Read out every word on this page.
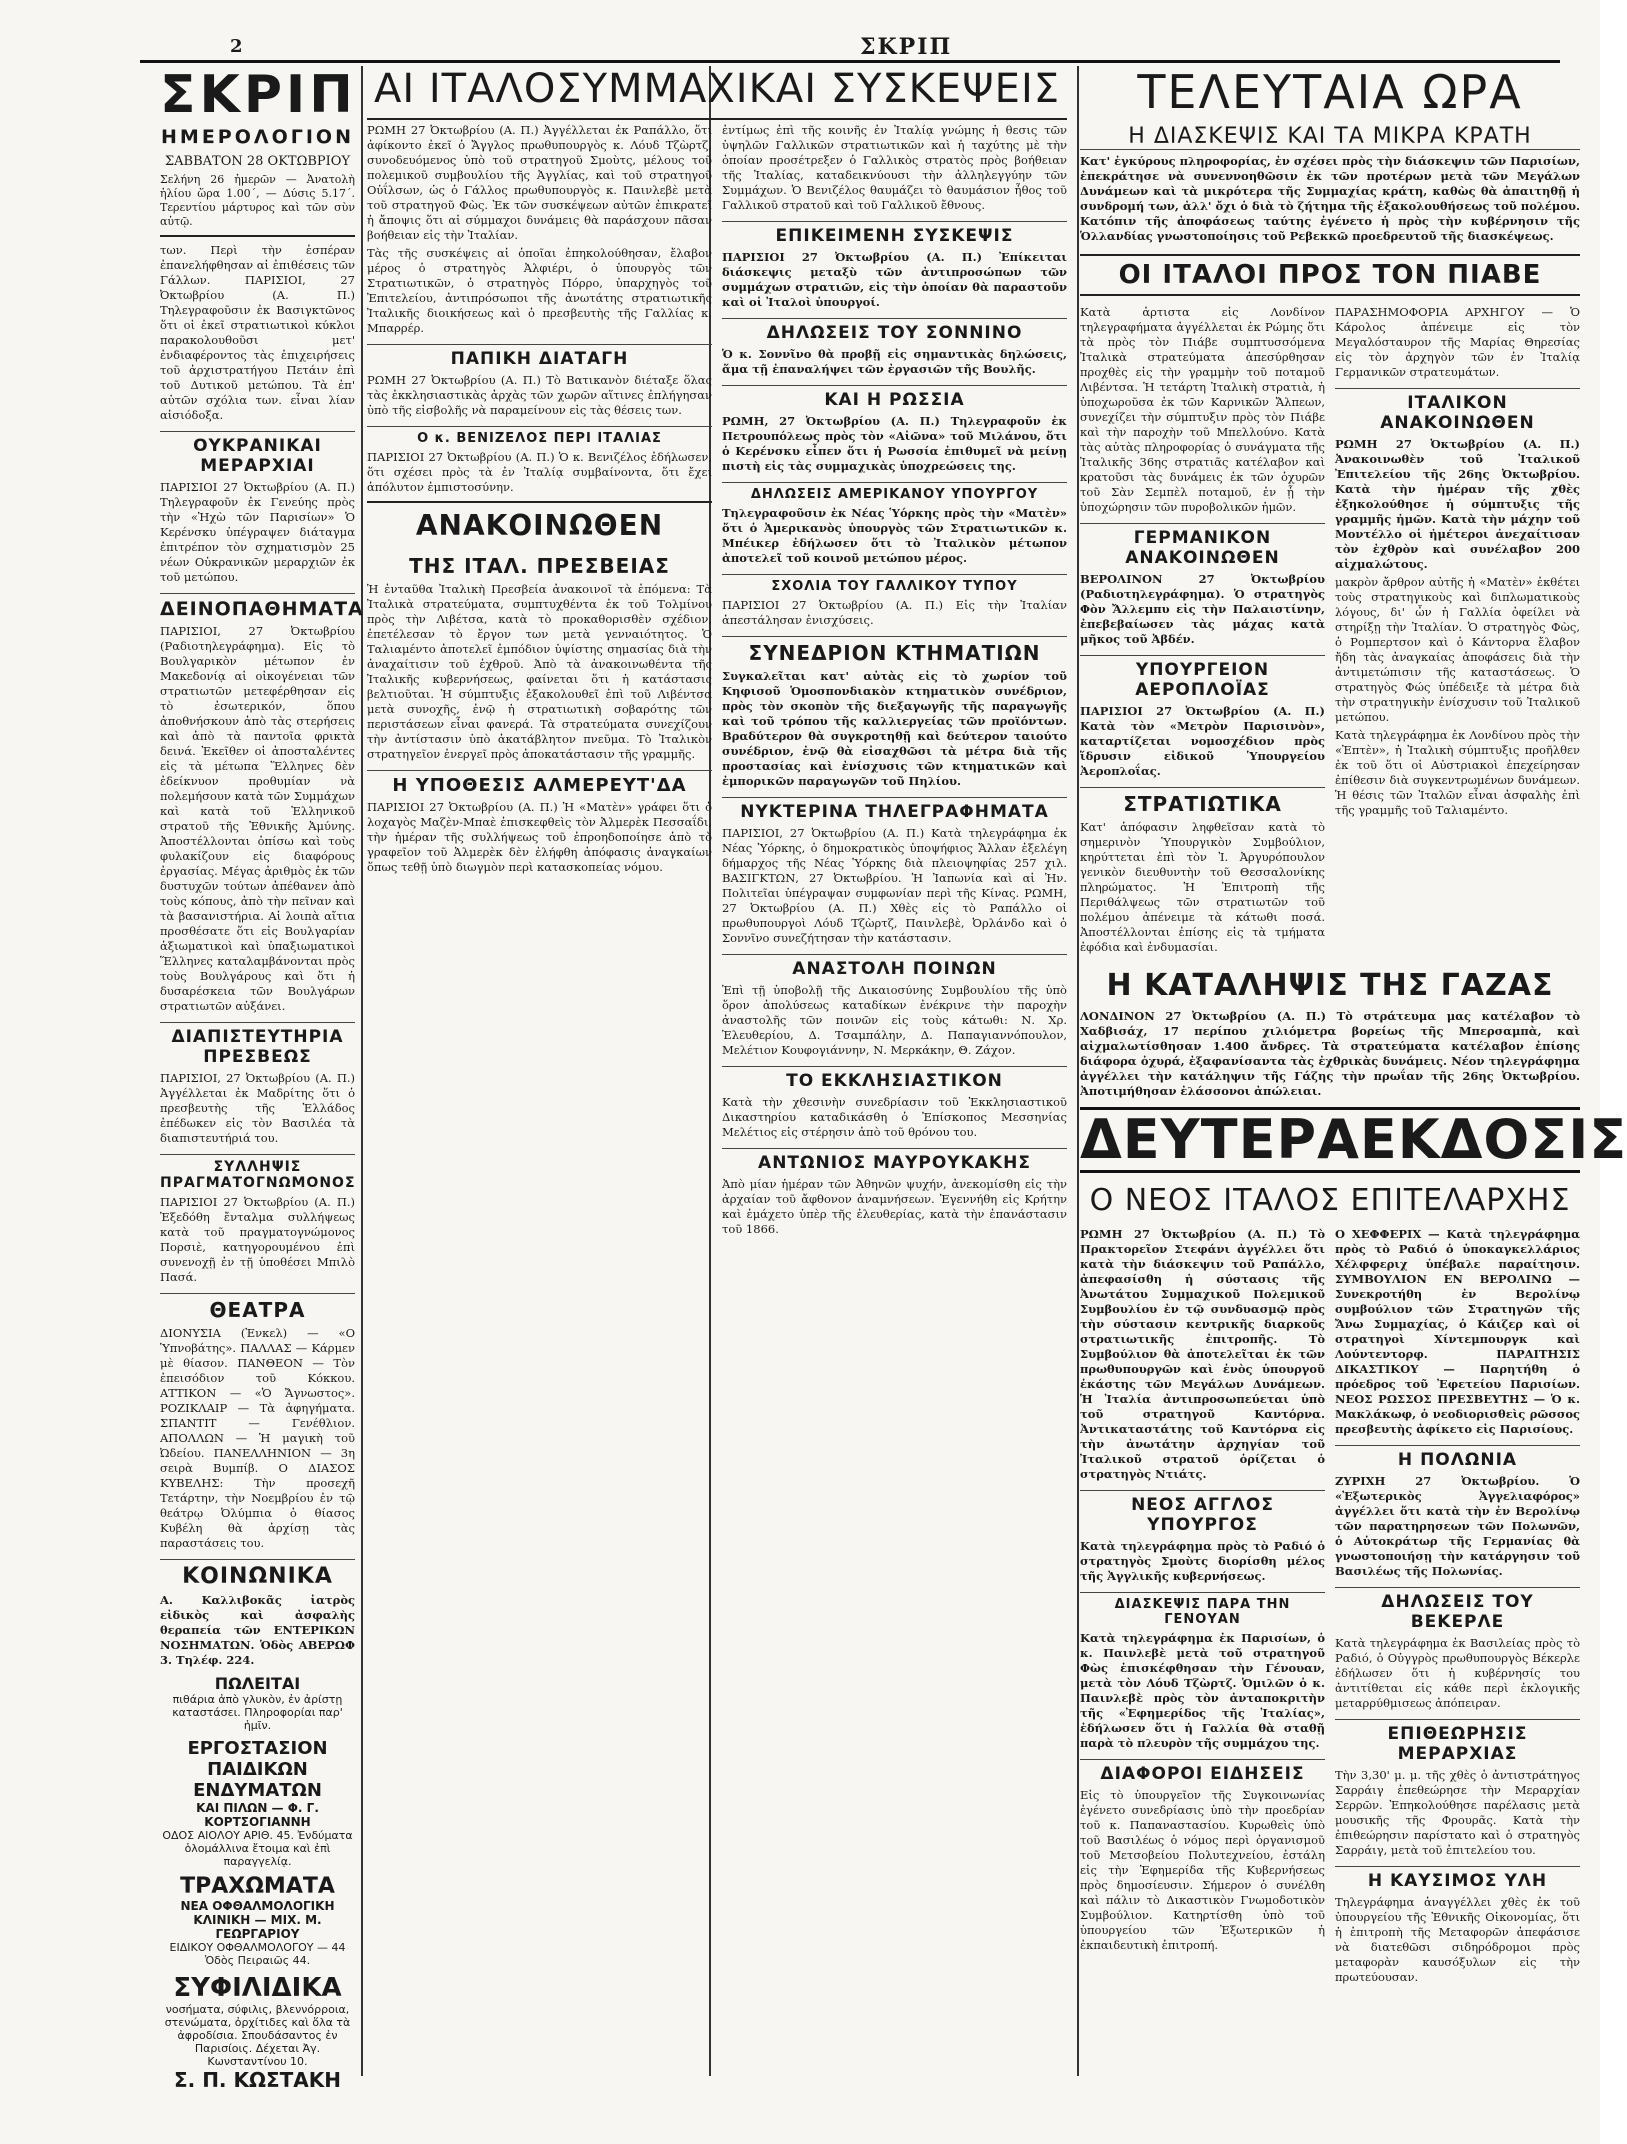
2	ΣΚΡΙΠ
ΣΚΡΙΠ
ΗΜΕΡΟΛΟΓΙΟΝ
ΣΑΒΒΑΤΟΝ 28 ΟΚΤΩΒΡΙΟΥ
Σελήνη 26 ἡμερῶν — Ἀνατολὴ ἡλίου ὥρα 1.00΄, — Δύσις 5.17΄. Τερεντίου μάρτυρος καὶ τῶν σὺν αὐτῷ.
των. Περὶ τὴν ἑσπέραν ἐπανελήφθησαν αἱ ἐπιθέσεις τῶν Γάλλων. ΠΑΡΙΣΙΟΙ, 27 Ὀκτωβρίου (Α. Π.) Τηλεγραφοῦσιν ἐκ Βασιγκτῶνος ὅτι οἱ ἐκεῖ στρατιωτικοὶ κύκλοι παρακολουθοῦσι μετ' ἐνδιαφέροντος τὰς ἐπιχειρήσεις τοῦ ἀρχιστρατήγου Πετάιν ἐπὶ τοῦ Δυτικοῦ μετώπου. Τὰ ἐπ' αὐτῶν σχόλια των. εἶναι λίαν αἰσιόδοξα.
ΟΥΚΡΑΝΙΚΑΙ ΜΕΡΑΡΧΙΑΙ
ΠΑΡΙΣΙΟΙ 27 Ὀκτωβρίου (Α. Π.) Τηλεγραφοῦν ἐκ Γενεύης πρὸς τὴν «Ἠχὼ τῶν Παρισίων» Ὁ Κερένσκυ ὑπέγραψεν διάταγμα ἐπιτρέπον τὸν σχηματισμὸν 25 νέων Οὐκρανικῶν μεραρχιῶν ἐκ τοῦ μετώπου.
ΔΕΙΝΟΠΑΘΗΜΑΤΑ
ΠΑΡΙΣΙΟΙ, 27 Ὀκτωβρίου (Ραδιοτηλεγράφημα). Εἰς τὸ Βουλγαρικὸν μέτωπον ἐν Μακεδονίᾳ αἱ οἰκογένειαι τῶν στρατιωτῶν μετεφέρθησαν εἰς τὸ ἐσωτερικόν, ὅπου ἀποθνήσκουν ἀπὸ τὰς στερήσεις καὶ ἀπὸ τὰ παντοῖα φρικτὰ δεινά. Ἐκεῖθεν οἱ ἀποσταλέντες εἰς τὰ μέτωπα Ἕλληνες δὲν ἐδείκνυον προθυμίαν νὰ πολεμήσουν κατὰ τῶν Συμμάχων καὶ κατὰ τοῦ Ἑλληνικοῦ στρατοῦ τῆς Ἐθνικῆς Ἀμύνης. Ἀποστέλλονται ὀπίσω καὶ τοὺς φυλακίζουν εἰς διαφόρους ἐργασίας. Μέγας ἀριθμὸς ἐκ τῶν δυστυχῶν τούτων ἀπέθανεν ἀπὸ τοὺς κόπους, ἀπὸ τὴν πεῖναν καὶ τὰ βασανιστήρια. Αἱ λοιπὰ αἴτια προσθέσατε ὅτι εἰς Βουλγαρίαν ἀξιωματικοὶ καὶ ὑπαξιωματικοὶ Ἕλληνες καταλαμβάνονται πρὸς τοὺς Βουλγάρους καὶ ὅτι ἡ δυσαρέσκεια τῶν Βουλγάρων στρατιωτῶν αὐξάνει.
ΔΙΑΠΙΣΤΕΥΤΗΡΙΑ ΠΡΕΣΒΕΩΣ
ΠΑΡΙΣΙΟΙ, 27 Ὀκτωβρίου (Α. Π.) Ἀγγέλλεται ἐκ Μαδρίτης ὅτι ὁ πρεσβευτὴς τῆς Ἑλλάδος ἐπέδωκεν εἰς τὸν Βασιλέα τὰ διαπιστευτήριά του.
ΣΥΛΛΗΨΙΣ ΠΡΑΓΜΑΤΟΓΝΩΜΟΝΟΣ
ΠΑΡΙΣΙΟΙ 27 Ὀκτωβρίου (Α. Π.) Ἐξεδόθη ἔνταλμα συλλήψεως κατὰ τοῦ πραγματογνώμονος Πορσιὲ, κατηγορουμένου ἐπὶ συνενοχῇ ἐν τῇ ὑποθέσει Μπιλὸ Πασά.
ΘΕΑΤΡΑ
ΔΙΟΝΥΣΙΑ (Ἐνκελ) — «Ο Ὑπνοβάτης». ΠΑΛΛΑΣ — Κάρμεν μὲ θίασον. ΠΑΝΘΕΟΝ — Τὸν ἐπεισόδιον τοῦ Κόκκου. ΑΤΤΙΚΟΝ — «Ὁ Ἄγνωστος». ΡΟΖΙΚΛΑΙΡ — Τὰ ἀφηγήματα. ΣΠΑΝΤΙΤ — Γενέθλιον. ΑΠΟΛΛΩΝ — Ἡ μαγικὴ τοῦ Ὠδείου. ΠΑΝΕΛΛΗΝΙΟΝ — 3η σειρὰ Βυμπίβ. Ο ΔΙΑΣΟΣ ΚΥΒΕΛΗΣ: Τὴν προσεχῆ Τετάρτην, τὴν Νοεμβρίου ἐν τῷ θεάτρῳ Ὀλύμπια ὁ θίασος Κυβέλη θὰ ἀρχίσῃ τὰς παραστάσεις του.
ΚΟΙΝΩΝΙΚΑ
Α. Καλλιβοκᾶς ἰατρὸς εἰδικὸς καὶ ἀσφαλὴς θεραπεία τῶν ΕΝΤΕΡΙΚΩΝ ΝΟΣΗΜΑΤΩΝ. Ὁδὸς ΑΒΕΡΩΦ 3. Τηλέφ. 224.
ΠΩΛΕΙΤΑΙ
πιθάρια ἀπὸ γλυκὸν, ἐν ἀρίστῃ καταστάσει. Πληροφορίαι παρ' ἡμῖν.
ΕΡΓΟΣΤΑΣΙΟΝ ΠΑΙΔΙΚΩΝ ΕΝΔΥΜΑΤΩΝ
ΚΑΙ ΠΙΛΩΝ — Φ. Γ. ΚΟΡΤΣΟΓΙΑΝΝΗ
ΟΔΟΣ ΑΙΟΛΟΥ ΑΡΙΘ. 45. Ἐνδύματα ὁλομάλλινα ἔτοιμα καὶ ἐπὶ παραγγελίᾳ.
ΤΡΑΧΩΜΑΤΑ
ΝΕΑ ΟΦΘΑΛΜΟΛΟΓΙΚΗ ΚΛΙΝΙΚΗ — ΜΙΧ. Μ. ΓΕΩΡΓΑΡΙΟΥ
ΕΙΔΙΚΟΥ ΟΦΘΑΛΜΟΛΟΓΟΥ — 44 Ὁδὸς Πειραιῶς 44.
ΣΥΦΙΛΙΔΙΚΑ
νοσήματα, σύφιλις, βλεννόρροια, στενώματα, ὀρχίτιδες καὶ ὅλα τὰ ἀφροδίσια. Σπουδάσαντος ἐν Παρισίοις. Δέχεται Ἀγ. Κωνσταντίνου 10.
Σ. Π. ΚΩΣΤΑΚΗ
ΑΙ ΙΤΑΛΟΣΥΜΜΑΧΙΚΑΙ ΣΥΣΚΕΨΕΙΣ
ΡΩΜΗ 27 Ὀκτωβρίου (Α. Π.) Ἀγγέλλεται ἐκ Ραπάλλο, ὅτι ἀφίκοντο ἐκεῖ ὁ Ἄγγλος πρωθυπουργὸς κ. Λόυδ Τζὼρτζ, συνοδευόμενος ὑπὸ τοῦ στρατηγοῦ Σμοὺτς, μέλους τοῦ πολεμικοῦ συμβουλίου τῆς Ἀγγλίας, καὶ τοῦ στρατηγοῦ Οὐΐλσων, ὡς ὁ Γάλλος πρωθυπουργὸς κ. Παινλεβὲ μετὰ τοῦ στρατηγοῦ Φὼς. Ἐκ τῶν συσκέψεων αὐτῶν ἐπικρατεῖ ἡ ἄποψις ὅτι αἱ σύμμαχοι δυνάμεις θὰ παράσχουν πᾶσαν βοήθειαν εἰς τὴν Ἰταλίαν.
Τὰς τῆς συσκέψεις αἱ ὁποῖαι ἐπηκολούθησαν, ἔλαβον μέρος ὁ στρατηγὸς Ἀλφιέρι, ὁ ὑπουργὸς τῶν Στρατιωτικῶν, ὁ στρατηγὸς Πόρρο, ὑπαρχηγὸς τοῦ Ἐπιτελείου, ἀντιπρόσωποι τῆς ἀνωτάτης στρατιωτικῆς Ἰταλικῆς διοικήσεως καὶ ὁ πρεσβευτὴς τῆς Γαλλίας κ. Μπαρρέρ.
ΠΑΠΙΚΗ ΔΙΑΤΑΓΗ
ΡΩΜΗ 27 Ὀκτωβρίου (Α. Π.) Τὸ Βατικανὸν διέταξε ὅλας τὰς ἐκκλησιαστικὰς ἀρχὰς τῶν χωρῶν αἵτινες ἐπλήγησαν ὑπὸ τῆς εἰσβολῆς νὰ παραμείνουν εἰς τὰς θέσεις των.
Ο κ. ΒΕΝΙΖΕΛΟΣ ΠΕΡΙ ΙΤΑΛΙΑΣ
ΠΑΡΙΣΙΟΙ 27 Ὀκτωβρίου (Α. Π.) Ὁ κ. Βενιζέλος ἐδήλωσεν, ὅτι σχέσει πρὸς τὰ ἐν Ἰταλίᾳ συμβαίνοντα, ὅτι ἔχει ἀπόλυτον ἐμπιστοσύνην.
ΑΝΑΚΟΙΝΩΘΕΝ
ΤΗΣ ΙΤΑΛ. ΠΡΕΣΒΕΙΑΣ
Ἡ ἐνταῦθα Ἰταλικὴ Πρεσβεία ἀνακοινοῖ τὰ ἑπόμενα: Τὰ Ἰταλικὰ στρατεύματα, συμπτυχθέντα ἐκ τοῦ Τολμίνου πρὸς τὴν Λιβέτσα, κατὰ τὸ προκαθορισθὲν σχέδιον, ἐπετέλεσαν τὸ ἔργον των μετὰ γενναιότητος. Ὁ Ταλιαμέντο ἀποτελεῖ ἐμπόδιον ὑψίστης σημασίας διὰ τὴν ἀναχαίτισιν τοῦ ἐχθροῦ. Ἀπὸ τὰ ἀνακοινωθέντα τῆς Ἰταλικῆς κυβερνήσεως, φαίνεται ὅτι ἡ κατάστασις βελτιοῦται. Ἡ σύμπτυξις ἐξακολουθεῖ ἐπὶ τοῦ Λιβέντσα μετὰ συνοχῆς, ἐνῷ ἡ στρατιωτικὴ σοβαρότης τῶν περιστάσεων εἶναι φανερά. Τὰ στρατεύματα συνεχίζουν τὴν ἀντίστασιν ὑπὸ ἀκατάβλητον πνεῦμα. Τὸ Ἰταλικὸν στρατηγεῖον ἐνεργεῖ πρὸς ἀποκατάστασιν τῆς γραμμῆς.
Η ΥΠΟΘΕΣΙΣ ΑΛΜΕΡΕΥΤ'ΔΑ
ΠΑΡΙΣΙΟΙ 27 Ὀκτωβρίου (Α. Π.) Ἡ «Ματὲν» γράφει ὅτι ὁ λοχαγὸς Μαζὲν-Μπαὲ ἐπισκεφθεὶς τὸν Ἀλμερὲκ Πεσσαΐδι, τὴν ἡμέραν τῆς συλλήψεως τοῦ ἐπροηδοποίησε ἀπὸ τὸ γραφεῖον τοῦ Ἀλμερὲκ δὲν ἐλήφθη ἀπόφασις ἀναγκαίων ὅπως τεθῇ ὑπὸ διωγμὸν περὶ κατασκοπείας νόμου.
ἐντίμως ἐπὶ τῆς κοινῆς ἐν Ἰταλίᾳ γνώμης ἡ θεσις τῶν ὑψηλῶν Γαλλικῶν στρατιωτικῶν καὶ ἡ ταχύτης μὲ τὴν ὁποίαν προσέτρεξεν ὁ Γαλλικὸς στρατὸς πρὸς βοήθειαν τῆς Ἰταλίας, καταδεικνύουσι τὴν ἀλληλεγγύην τῶν Συμμάχων. Ὁ Βενιζέλος θαυμάζει τὸ θαυμάσιον ἦθος τοῦ Γαλλικοῦ στρατοῦ καὶ τοῦ Γαλλικοῦ ἔθνους.
ΕΠΙΚΕΙΜΕΝΗ ΣΥΣΚΕΨΙΣ
ΠΑΡΙΣΙΟΙ 27 Ὀκτωβρίου (Α. Π.) Ἐπίκειται διάσκεψις μεταξὺ τῶν ἀντιπροσώπων τῶν συμμάχων στρατιῶν, εἰς τὴν ὁποίαν θὰ παραστοῦν καὶ οἱ Ἰταλοὶ ὑπουργοί.
ΔΗΛΩΣΕΙΣ ΤΟΥ ΣΟΝΝΙΝΟ
Ὁ κ. Σοννῖνο θὰ προβῇ εἰς σημαντικὰς δηλώσεις, ἅμα τῇ ἐπαναλήψει τῶν ἐργασιῶν τῆς Βουλῆς.
ΚΑΙ Η ΡΩΣΣΙΑ
ΡΩΜΗ, 27 Ὀκτωβρίου (Α. Π.) Τηλεγραφοῦν ἐκ Πετρουπόλεως πρὸς τὸν «Αἰῶνα» τοῦ Μιλάνου, ὅτι ὁ Κερένσκυ εἶπεν ὅτι ἡ Ρωσσία ἐπιθυμεῖ νὰ μείνῃ πιστὴ εἰς τὰς συμμαχικὰς ὑποχρεώσεις της.
ΔΗΛΩΣΕΙΣ ΑΜΕΡΙΚΑΝΟΥ ΥΠΟΥΡΓΟΥ
Τηλεγραφοῦσιν ἐκ Νέας Ὑόρκης πρὸς τὴν «Ματὲν» ὅτι ὁ Ἀμερικανὸς ὑπουργὸς τῶν Στρατιωτικῶν κ. Μπέικερ ἐδήλωσεν ὅτι τὸ Ἰταλικὸν μέτωπον ἀποτελεῖ τοῦ κοινοῦ μετώπου μέρος.
ΣΧΟΛΙΑ ΤΟΥ ΓΑΛΛΙΚΟΥ ΤΥΠΟΥ
ΠΑΡΙΣΙΟΙ 27 Ὀκτωβρίου (Α. Π.) Εἰς τὴν Ἰταλίαν ἀπεστάλησαν ἐνισχύσεις.
ΣΥΝΕΔΡΙΟΝ ΚΤΗΜΑΤΙΩΝ
Συγκαλεῖται κατ' αὐτὰς εἰς τὸ χωρίον τοῦ Κηφισοῦ Ὁμοσπονδιακὸν κτηματικὸν συνέδριον, πρὸς τὸν σκοπὸν τῆς διεξαγωγῆς τῆς παραγωγῆς καὶ τοῦ τρόπου τῆς καλλιεργείας τῶν προϊόντων. Βραδύτερον θὰ συγκροτηθῇ καὶ δεύτερον ταιούτο συνέδριον, ἐνῷ θὰ εἰσαχθῶσι τὰ μέτρα διὰ τῆς προστασίας καὶ ἐνίσχυσις τῶν κτηματικῶν καὶ ἐμπορικῶν παραγωγῶν τοῦ Πηλίου.
ΝΥΚΤΕΡΙΝΑ ΤΗΛΕΓΡΑΦΗΜΑΤΑ
ΠΑΡΙΣΙΟΙ, 27 Ὀκτωβρίου (Α. Π.) Κατὰ τηλεγράφημα ἐκ Νέας Ὑόρκης, ὁ δημοκρατικὸς ὑποψήφιος Ἄλλαν ἐξελέγη δήμαρχος τῆς Νέας Ὑόρκης διὰ πλειοψηφίας 257 χιλ. ΒΑΣΙΓΚΤΩΝ, 27 Ὀκτωβρίου. Ἡ Ἰαπωνία καὶ αἱ Ἡν. Πολιτεῖαι ὑπέγραψαν συμφωνίαν περὶ τῆς Κίνας. ΡΩΜΗ, 27 Ὀκτωβρίου (Α. Π.) Χθὲς εἰς τὸ Ραπάλλο οἱ πρωθυπουργοὶ Λόυδ Τζὼρτζ, Παινλεβὲ, Ὀρλάνδο καὶ ὁ Σοννῖνο συνεζήτησαν τὴν κατάστασιν.
ΑΝΑΣΤΟΛΗ ΠΟΙΝΩΝ
Ἐπὶ τῇ ὑποβολῇ τῆς Δικαιοσύνης Συμβουλίου τῆς ὑπὸ ὅρον ἀπολύσεως καταδίκων ἐνέκρινε τὴν παροχὴν ἀναστολῆς τῶν ποινῶν εἰς τοὺς κάτωθι: Ν. Χρ. Ἐλευθερίου, Δ. Τσαμπάλην, Δ. Παπαγιαννόπουλον, Μελέτιον Κουφογιάννην, Ν. Μερκάκην, Θ. Ζάχον.
ΤΟ ΕΚΚΛΗΣΙΑΣΤΙΚΟΝ
Κατὰ τὴν χθεσινὴν συνεδρίασιν τοῦ Ἐκκλησιαστικοῦ Δικαστηρίου καταδικάσθη ὁ Ἐπίσκοπος Μεσσηνίας Μελέτιος εἰς στέρησιν ἀπὸ τοῦ θρόνου του.
ΑΝΤΩΝΙΟΣ ΜΑΥΡΟΥΚΑΚΗΣ
Ἀπὸ μίαν ἡμέραν τῶν Ἀθηνῶν ψυχήν, ἀνεκομίσθη εἰς τὴν ἀρχαίαν τοῦ ἄφθονον ἀναμνήσεων. Ἐγεννήθη εἰς Κρήτην καὶ ἐμάχετο ὑπὲρ τῆς ἐλευθερίας, κατὰ τὴν ἐπανάστασιν τοῦ 1866.
ΤΕΛΕΥΤΑΙΑ ΩΡΑ
Η ΔΙΑΣΚΕΨΙΣ ΚΑΙ ΤΑ ΜΙΚΡΑ ΚΡΑΤΗ
Κατ' ἐγκύρους πληροφορίας, ἐν σχέσει πρὸς τὴν διάσκεψιν τῶν Παρισίων, ἐπεκράτησε νὰ συνεννοηθῶσιν ἐκ τῶν προτέρων μετὰ τῶν Μεγάλων Δυνάμεων καὶ τὰ μικρότερα τῆς Συμμαχίας κράτη, καθὼς θὰ ἀπαιτηθῇ ἡ συνδρομή των, ἀλλ' ὄχι ὁ διὰ τὸ ζήτημα τῆς ἐξακολουθήσεως τοῦ πολέμου. Κατόπιν τῆς ἀποφάσεως ταύτης ἐγένετο ἡ πρὸς τὴν κυβέρνησιν τῆς Ὁλλανδίας γνωστοποίησις τοῦ Ρεβεκκῶ προεδρευτοῦ τῆς διασκέψεως.
ΟΙ ΙΤΑΛΟΙ ΠΡΟΣ ΤΟΝ ΠΙΑΒΕ
Κατὰ ἀρτιστα εἰς Λονδίνον τηλεγραφήματα ἀγγέλλεται ἐκ Ρώμης ὅτι τὰ πρὸς τὸν Πιάβε συμπτυσσόμενα Ἰταλικὰ στρατεύματα ἀπεσύρθησαν προχθὲς εἰς τὴν γραμμὴν τοῦ ποταμοῦ Λιβέντσα. Ἡ τετάρτη Ἰταλικὴ στρατιὰ, ἡ ὑποχωροῦσα ἐκ τῶν Καρνικῶν Ἄλπεων, συνεχίζει τὴν σύμπτυξιν πρὸς τὸν Πιάβε καὶ τὴν παροχὴν τοῦ Μπελλούνο. Κατὰ τὰς αὐτὰς πληροφορίας ὁ συνάγματα τῆς Ἰταλικῆς 36ης στρατιᾶς κατέλαβον καὶ κρατοῦσι τὰς δυνάμεις ἐκ τῶν ὀχυρῶν τοῦ Σὰν Σεμπὲλ ποταμοῦ, ἐν ᾗ τὴν ὑποχώρησιν τῶν πυροβολικῶν ἠμῶν.
ΓΕΡΜΑΝΙΚΟΝ ΑΝΑΚΟΙΝΩΘΕΝ
ΒΕΡΟΛΙΝΟΝ 27 Ὀκτωβρίου (Ραδιοτηλεγράφημα). Ὁ στρατηγὸς Φὸν Ἄλλεμπυ εἰς τὴν Παλαιστίνην, ἐπεβεβαίωσεν τὰς μάχας κατὰ μῆκος τοῦ Ἀβδέν.
ΥΠΟΥΡΓΕΙΟΝ ΑΕΡΟΠΛΟΪΑΣ
ΠΑΡΙΣΙΟΙ 27 Ὀκτωβρίου (Α. Π.) Κατὰ τὸν «Μετρὸν Παρισινὸν», καταρτίζεται νομοσχέδιον πρὸς ἵδρυσιν εἰδικοῦ Ὑπουργείου Ἀεροπλοΐας.
ΣΤΡΑΤΙΩΤΙΚΑ
Κατ' ἀπόφασιν ληφθεῖσαν κατὰ τὸ σημερινὸν Ὑπουργικὸν Συμβούλιον, κηρύττεται ἐπὶ τὸν Ἰ. Ἀργυρόπουλον γενικὸν διευθυντὴν τοῦ Θεσσαλονίκης πληρώματος. Ἡ Ἐπιτροπὴ τῆς Περιθάλψεως τῶν στρατιωτῶν τοῦ πολέμου ἀπένειμε τὰ κάτωθι ποσά. Ἀποστέλλονται ἐπίσης εἰς τὰ τμήματα ἐφόδια καὶ ἐνδυμασίαι.
ΠΑΡΑΣΗΜΟΦΟΡΙΑ ΑΡΧΗΓΟΥ — Ὁ Κάρολος ἀπένειμε εἰς τὸν Μεγαλόσταυρον τῆς Μαρίας Θηρεσίας εἰς τὸν ἀρχηγὸν τῶν ἐν Ἰταλίᾳ Γερμανικῶν στρατευμάτων.
ΙΤΑΛΙΚΟΝ ΑΝΑΚΟΙΝΩΘΕΝ
ΡΩΜΗ 27 Ὀκτωβρίου (Α. Π.) Ἀνακοινωθὲν τοῦ Ἰταλικοῦ Ἐπιτελείου τῆς 26ης Ὀκτωβρίου. Κατὰ τὴν ἡμέραν τῆς χθὲς ἐξηκολούθησε ἡ σύμπτυξις τῆς γραμμῆς ἡμῶν. Κατὰ τὴν μάχην τοῦ Μοντέλλο οἱ ἠμέτεροι ἀνεχαίτισαν τὸν ἐχθρὸν καὶ συνέλαβον 200 αἰχμαλώτους.
μακρὸν ἄρθρον αὐτῆς ἡ «Ματὲν» ἐκθέτει τοὺς στρατηγικοὺς καὶ διπλωματικοὺς λόγους, δι' ὧν ἡ Γαλλία ὀφείλει νὰ στηρίξῃ τὴν Ἰταλίαν. Ὁ στρατηγὸς Φὼς, ὁ Ρομπερτσον καὶ ὁ Κάντορνα ἔλαβον ἤδη τὰς ἀναγκαίας ἀποφάσεις διὰ τὴν ἀντιμετώπισιν τῆς καταστάσεως. Ὁ στρατηγὸς Φώς ὑπέδειξε τὰ μέτρα διὰ τὴν στρατηγικὴν ἐνίσχυσιν τοῦ Ἰταλικοῦ μετώπου.
Κατὰ τηλεγράφημα ἐκ Λονδίνου πρὸς τὴν «Ἐπτὲν», ἡ Ἰταλικὴ σύμπτυξις προῆλθεν ἐκ τοῦ ὅτι οἱ Αὐστριακοὶ ἐπεχείρησαν ἐπίθεσιν διὰ συγκεντρωμένων δυνάμεων. Ἡ θέσις τῶν Ἰταλῶν εἶναι ἀσφαλὴς ἐπὶ τῆς γραμμῆς τοῦ Ταλιαμέντο.
Η ΚΑΤΑΛΗΨΙΣ ΤΗΣ ΓΑΖΑΣ
ΛΟΝΔΙΝΟΝ 27 Ὀκτωβρίου (Α. Π.) Τὸ στράτευμα μας κατέλαβον τὸ Χαδβισάχ, 17 περίπου χιλιόμετρα βορείως τῆς Μπερσαμπὰ, καὶ αἰχμαλωτίσθησαν 1.400 ἄνδρες. Τὰ στρατεύματα κατέλαβον ἐπίσης διάφορα ὀχυρά, ἐξαφανίσαντα τὰς ἐχθρικὰς δυνάμεις. Νέον τηλεγράφημα ἀγγέλλει τὴν κατάληψιν τῆς Γάζης τὴν πρωΐαν τῆς 26ης Ὀκτωβρίου. Ἀποτιμήθησαν ἐλάσσονοι ἀπώλειαι.
ΔΕΥΤΕΡΑΕΚΔΟΣΙΣ
Ο ΝΕΟΣ ΙΤΑΛΟΣ ΕΠΙΤΕΛΑΡΧΗΣ
ΡΩΜΗ 27 Ὀκτωβρίου (Α. Π.) Τὸ Πρακτορεῖον Στεφάνι ἀγγέλλει ὅτι κατὰ τὴν διάσκεψιν τοῦ Ραπάλλο, ἀπεφασίσθη ἡ σύστασις τῆς Ἀνωτάτου Συμμαχικοῦ Πολεμικοῦ Συμβουλίου ἐν τῷ συνδυασμῷ πρὸς τὴν σύστασιν κεντρικῆς διαρκοῦς στρατιωτικῆς ἐπιτροπῆς. Τὸ Συμβούλιον θὰ ἀποτελεῖται ἐκ τῶν πρωθυπουργῶν καὶ ἑνὸς ὑπουργοῦ ἑκάστης τῶν Μεγάλων Δυνάμεων. Ἡ Ἰταλία ἀντιπροσωπεύεται ὑπὸ τοῦ στρατηγοῦ Καντόρνα. Ἀντικαταστάτης τοῦ Καντόρνα εἰς τὴν ἀνωτάτην ἀρχηγίαν τοῦ Ἰταλικοῦ στρατοῦ ὁρίζεται ὁ στρατηγὸς Ντιάτς.
ΝΕΟΣ ΑΓΓΛΟΣ ΥΠΟΥΡΓΟΣ
Κατὰ τηλεγράφημα πρὸς τὸ Ραδιό ὁ στρατηγὸς Σμοὺτς διορίσθη μέλος τῆς Ἀγγλικῆς κυβερνήσεως.
ΔΙΑΣΚΕΨΙΣ ΠΑΡΑ ΤΗΝ ΓΕΝΟΥΑΝ
Κατὰ τηλεγράφημα ἐκ Παρισίων, ὁ κ. Παινλεβὲ μετὰ τοῦ στρατηγοῦ Φὼς ἐπισκέφθησαν τὴν Γένουαν, μετὰ τὸν Λόυδ Τζὼρτζ. Ὁμιλῶν ὁ κ. Παινλεβὲ πρὸς τὸν ἀνταποκριτὴν τῆς «Ἐφημερίδος τῆς Ἰταλίας», ἐδήλωσεν ὅτι ἡ Γαλλία θὰ σταθῇ παρὰ τὸ πλευρὸν τῆς συμμάχου της.
ΔΙΑΦΟΡΟΙ ΕΙΔΗΣΕΙΣ
Εἰς τὸ ὑπουργεῖον τῆς Συγκοινωνίας ἐγένετο συνεδρίασις ὑπὸ τὴν προεδρίαν τοῦ κ. Παπαναστασίου. Κυρωθεὶς ὑπὸ τοῦ Βασιλέως ὁ νόμος περὶ ὀργανισμοῦ τοῦ Μετσοβείου Πολυτεχνείου, ἐστάλη εἰς τὴν Ἐφημερίδα τῆς Κυβερνήσεως πρὸς δημοσίευσιν. Σήμερον ὁ συνέλθη καὶ πάλιν τὸ Δικαστικὸν Γνωμοδοτικὸν Συμβούλιον. Κατηρτίσθη ὑπὸ τοῦ ὑπουργείου τῶν Ἐξωτερικῶν ἡ ἐκπαιδευτικὴ ἐπιτροπή.
Ο ΧΕΦΦΕΡΙΧ — Κατὰ τηλεγράφημα πρὸς τὸ Ραδιό ὁ ὑποκαγκελλάριος Χέλφφεριχ ὑπέβαλε παραίτησιν. ΣΥΜΒΟΥΛΙΟΝ ΕΝ ΒΕΡΟΛΙΝΩ — Συνεκροτήθη ἐν Βερολίνῳ συμβούλιον τῶν Στρατηγῶν τῆς Ἄνω Συμμαχίας, ὁ Κάιζερ καὶ οἱ στρατηγοὶ Χίντεμπουργκ καὶ Λούντεντορφ. ΠΑΡΑΙΤΗΣΙΣ ΔΙΚΑΣΤΙΚΟΥ — Παρητήθη ὁ πρόεδρος τοῦ Ἐφετείου Παρισίων. ΝΕΟΣ ΡΩΣΣΟΣ ΠΡΕΣΒΕΥΤΗΣ — Ὁ κ. Μακλάκωφ, ὁ νεοδιορισθεὶς ρῶσσος πρεσβευτὴς ἀφίκετο εἰς Παρισίους.
Η ΠΟΛΩΝΙΑ
ΖΥΡΙΧΗ 27 Ὀκτωβρίου. Ὁ «Ἐξωτερικὸς Ἀγγελιαφόρος» ἀγγέλλει ὅτι κατὰ τὴν ἐν Βερολίνῳ τῶν παρατηρησεων τῶν Πολωνῶν, ὁ Αὐτοκράτωρ τῆς Γερμανίας θὰ γνωστοποιήσῃ τὴν κατάργησιν τοῦ Βασιλέως τῆς Πολωνίας.
ΔΗΛΩΣΕΙΣ ΤΟΥ ΒΕΚΕΡΛΕ
Κατὰ τηλεγράφημα ἐκ Βασιλείας πρὸς τὸ Ραδιό, ὁ Οὐγγρὸς πρωθυπουργὸς Βέκερλε ἐδήλωσεν ὅτι ἡ κυβέρνησίς του ἀντιτίθεται εἰς κάθε περὶ ἐκλογικῆς μεταρρύθμισεως ἀπόπειραν.
ΕΠΙΘΕΩΡΗΣΙΣ ΜΕΡΑΡΧΙΑΣ
Τὴν 3,30' μ. μ. τῆς χθὲς ὁ ἀντιστράτηγος Σαρράιγ ἐπεθεώρησε τὴν Μεραρχίαν Σερρῶν. Ἐπηκολούθησε παρέλασις μετὰ μουσικῆς τῆς Φρουρᾶς. Κατὰ τὴν ἐπιθεώρησιν παρίστατο καὶ ὁ στρατηγὸς Σαρράιγ, μετὰ τοῦ ἐπιτελείου του.
Η ΚΑΥΣΙΜΟΣ ΥΛΗ
Τηλεγράφημα ἀναγγέλλει χθὲς ἐκ τοῦ ὑπουργείου τῆς Ἐθνικῆς Οἰκονομίας, ὅτι ἡ ἐπιτροπὴ τῆς Μεταφορῶν ἀπεφάσισε νὰ διατεθῶσι σιδηρόδρομοι πρὸς μεταφορὰν καυσόξυλων εἰς τὴν πρωτεύουσαν.
